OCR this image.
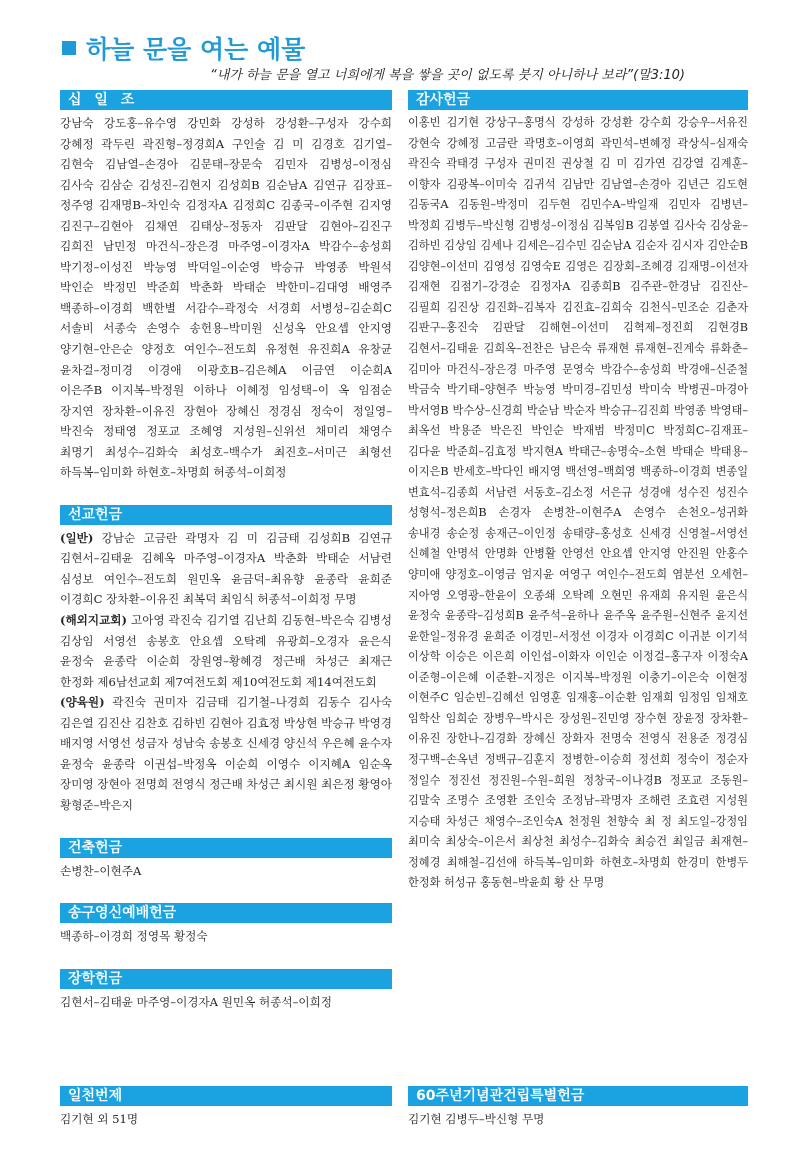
하늘 문을 여는 예물
“내가 하늘 문을 열고 너희에게 복을 쌓을 곳이 없도록 붓지 아니하나 보라”(말3:10)
십 일 조
강남숙 강도홍–유수영 강민화 강성하 강성환–구성자 강수희 강혜정 곽두린 곽진형–정경희A 구인술 김 미 김경호 김기열–김현숙 김남열–손경아 김문태–장문숙 김민자 김병성–이정심 김사숙 김삼순 김성진–김현지 김성희B 김순남A 김연규 김장표–정주영 김재명B–차인숙 김정자A 김정희C 김종국–이주현 김지영 김진구–김현아 김채연 김태상–정동자 김판달 김현아–김진구 김희진 남민정 마건식–장은경 마주영–이경자A 박감수–송성희 박기정–이성진 박능영 박덕일–이순영 박승규 박영종 박원석 박인순 박정민 박준희 박춘화 박태순 박한미–김대영 배영주 백종하–이경희 백한별 서감수–곽정숙 서경희 서병성–김순희C 서솔비 서종숙 손영수 송헌용–박미원 신성옥 안요셉 안지영 양기현–안은순 양정호 여인수–전도희 유정현 유진희A 유창균 윤차걸–정미경 이경애 이광호B–김은혜A 이금연 이순희A 이은주B 이지복–박정원 이하나 이혜정 임성택–이 옥 임점순 장지연 장차환–이유진 장현아 장혜신 정경심 정숙이 정일영–박진숙 정태영 정포교 조혜영 지성원–신위선 채미리 채영수 최명기 최성수–김화숙 최성호–백수가 최진호–서미근 최형선 하득복–임미화 하현호–차명희 허종석–이희정
선교헌금

(일반) 강남순 고금란 곽명자 김 미 김금태 김성희B 김연규 김현서–김태윤 김혜옥 마주영–이경자A 박춘화 박태순 서남련 심성보 여인수–전도희 원민옥 윤금덕–최유향 윤종락 윤희준 이경희C 장차환–이유진 최복덕 최임식 허종석–이희정 무명

(해외지교회) 고아영 곽진숙 김기열 김난희 김동현–박은숙 김병성 김상임 서영선 송봉호 안요셉 오탁례 유광희–오경자 윤은식 윤정숙 윤종락 이순희 장원영–황혜경 정근배 차성근 최재근 한정화 제6남선교회 제7여전도회 제10여전도회 제14여전도회

(양육원) 곽진숙 권미자 김금태 김기철–나경희 김동수 김사숙 김은열 김진산 김찬호 김하빈 김현아 김효정 박상현 박승규 박영경 배지영 서영선 성금자 성남숙 송봉호 신세경 양신석 우은혜 윤수자 윤정숙 윤종락 이권섭–박정옥 이순희 이영수 이지혜A 임순옥 장미영 장현아 전명희 전영식 정근배 차성근 최시원 최은정 황영아 황형준–박은지

건축헌금
손병찬–이현주A
송구영신예배헌금
백종하–이경희 정영목 황정숙
장학헌금
김현서–김태윤 마주영–이경자A 원민옥 허종석–이희정
일천번제
김기현 외 51명
감사헌금
이홍빈 김기현 강상구–홍명식 강성하 강성환 강수희 강승우–서유진 강현숙 강혜정 고금란 곽명호–이영희 곽민석–변혜정 곽상식–심재숙 곽진숙 곽태경 구성자 권미진 권상철 김 미 김가연 김강열 김계훈–이향자 김광복–이미숙 김귀석 김남만 김남열–손경아 김년근 김도현 김동국A 김동원–박정미 김두현 김민수A–박일재 김민자 김병년–박정희 김병두–박신형 김병성–이정심 김복임B 김봉열 김사숙 김상윤–김하빈 김상임 김세나 김세은–김수민 김순남A 김순자 김시자 김안순B 김양현–이선미 김영성 김영숙E 김영은 김장회–조혜경 김재명–이선자 김재현 김점기–강경순 김정자A 김종희B 김주관–한경남 김진산–김필희 김진상 김진화–김복자 김진효–김희숙 김천식–민조순 김춘자 김판구–홍진숙 김판달 김해현–이선미 김혁제–정진희 김현경B 김현서–김태윤 김희옥–전찬은 남은숙 류재현 류재현–진계숙 류화춘–김미아 마건식–장은경 마주영 문영숙 박감수–송성희 박경애–신준철 박금숙 박기태–양현주 박능영 박미경–김민성 박미숙 박병권–마경아 박서영B 박수상–신경희 박순남 박순자 박승규–김진희 박영종 박영태–최옥선 박용준 박은진 박인순 박재범 박정미C 박정희C–김재표–김다윤 박준희–김효정 박지현A 박태근–송명숙–소현 박태순 박태용–이지은B 반세호–박다인 배지영 백선영–백희영 백종하–이경희 변종일 변효석–김종희 서남련 서동호–김소정 서은규 성경애 성수진 성진수 성형석–정은희B 손경자 손병찬–이현주A 손영수 손천오–성귀화 송내경 송순정 송재근–이인정 송태량–홍성호 신세경 신영철–서영선 신혜철 안명석 안명화 안병활 안영선 안요셉 안지영 안진원 안홍수 양미애 양정호–이영금 엄지윤 여영구 여인수–전도희 염분선 오세헌–지아영 오영광–한윤이 오종쇄 오탁례 오현민 유재희 유지원 윤은식 윤정숙 윤종락–김성희B 윤주석–윤하나 윤주옥 윤주원–신현주 윤지선 윤한일–정유경 윤희준 이경민–서정선 이경자 이경희C 이귀분 이기석 이상학 이승은 이은희 이인섭–이화자 이인순 이정걸–홍구자 이정숙A 이준형–이은혜 이준환–지정은 이지복–박정원 이충기–이은숙 이현정 이현주C 임순빈–김혜선 임영훈 임재홍–이순환 임재희 임정임 임채호 임학산 임희순 장병우–박시은 장성원–진민영 장수현 장윤정 장차환–이유진 장한나–김경화 장혜신 장화자 전명숙 전영식 전용준 정경심 정구백–손옥년 정백규–김훈지 정병한–이승희 정선희 정숙이 정순자 정일수 정진선 정진원–수원–희원 정창국–이나경B 정포교 조동원–김말숙 조명수 조영환 조인숙 조정남–곽명자 조해련 조효련 지성원 지승태 차성근 채영수–조인숙A 천정원 천향숙 최 정 최도일–강정임 최미숙 최상숙–이은서 최상천 최성수–김화숙 최승건 최일금 최재현–정혜경 최해철–김선애 하득복–임미화 하현호–차명희 한경미 한병두 한정화 허성규 홍동현–박윤희 황 산 무명
60주년기념관건립특별헌금
김기현 김병두–박신형 무명
